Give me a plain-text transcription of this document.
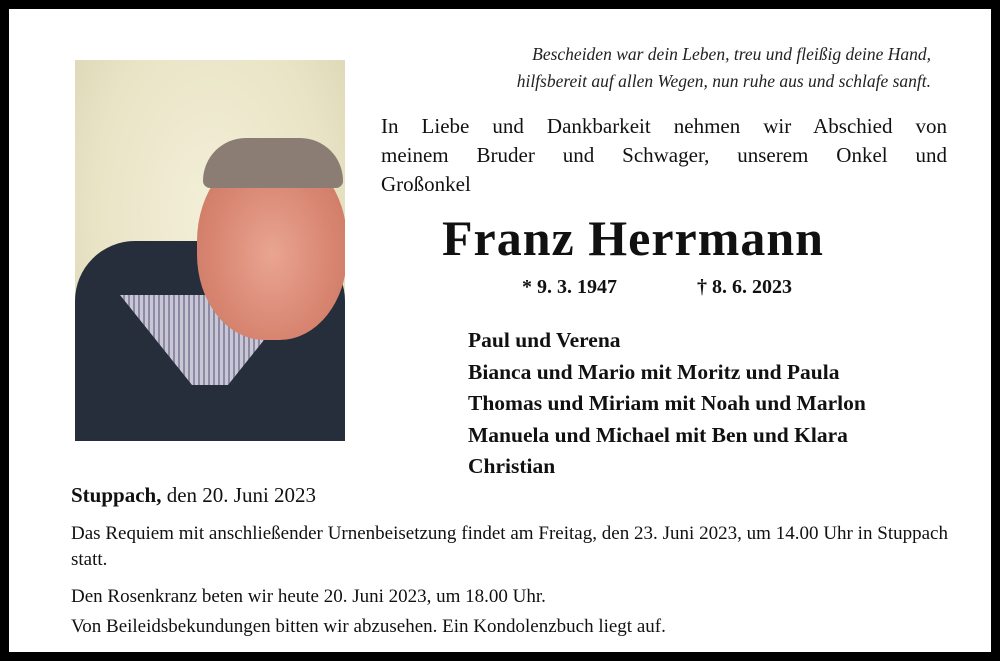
Bescheiden war dein Leben, treu und fleißig deine Hand,
hilfsbereit auf allen Wegen, nun ruhe aus und schlafe sanft.
In Liebe und Dankbarkeit nehmen wir Abschied von
meinem Bruder und Schwager, unserem Onkel und
Großonkel
Franz Herrmann
* 9. 3. 1947	† 8. 6. 2023
Paul und Verena
Bianca und Mario mit Moritz und Paula
Thomas und Miriam mit Noah und Marlon
Manuela und Michael mit Ben und Klara
Christian
Stuppach, den 20. Juni 2023
Das Requiem mit anschließender Urnenbeisetzung findet am Freitag, den 23. Juni 2023, um 14.00 Uhr in Stuppach statt.
Den Rosenkranz beten wir heute 20. Juni 2023, um 18.00 Uhr.
Von Beileidsbekundungen bitten wir abzusehen. Ein Kondolenzbuch liegt auf.
